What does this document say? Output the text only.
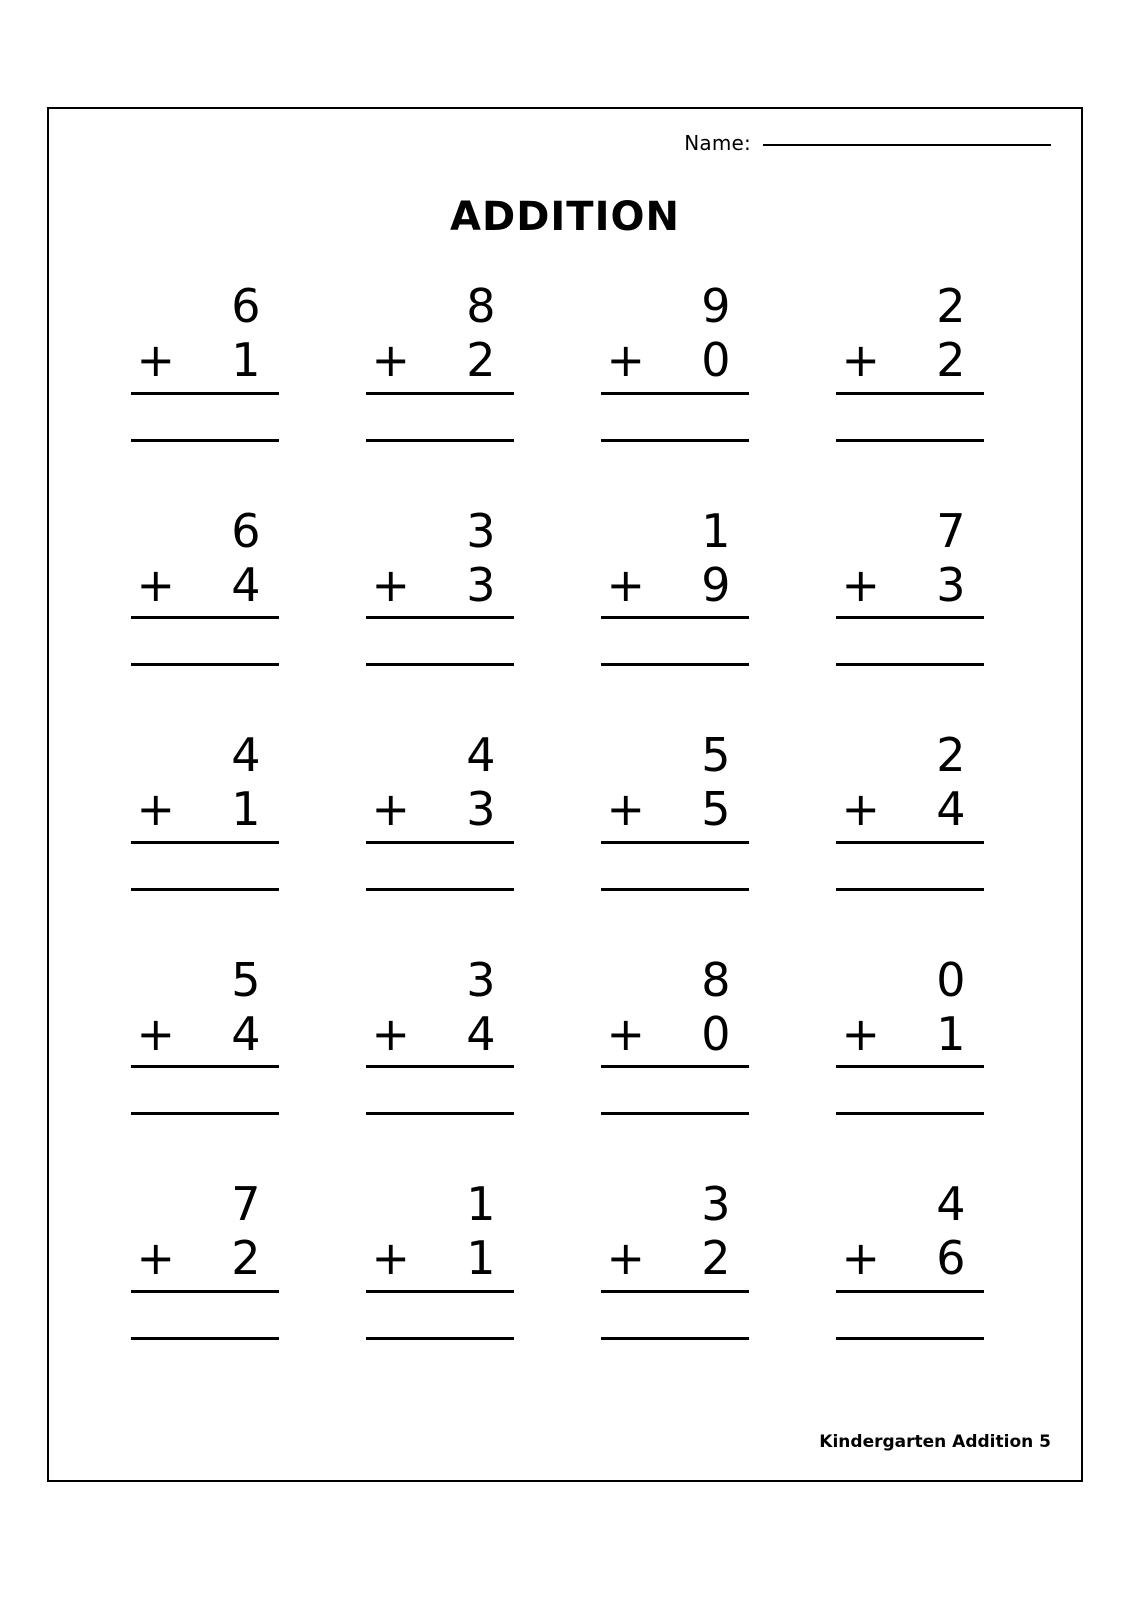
Name:
ADDITION
6
+ 1
8
+ 2
9
+ 0
2
+ 2
6
+ 4
3
+ 3
1
+ 9
7
+ 3
4
+ 1
4
+ 3
5
+ 5
2
+ 4
5
+ 4
3
+ 4
8
+ 0
0
+ 1
7
+ 2
1
+ 1
3
+ 2
4
+ 6
Kindergarten Addition 5
